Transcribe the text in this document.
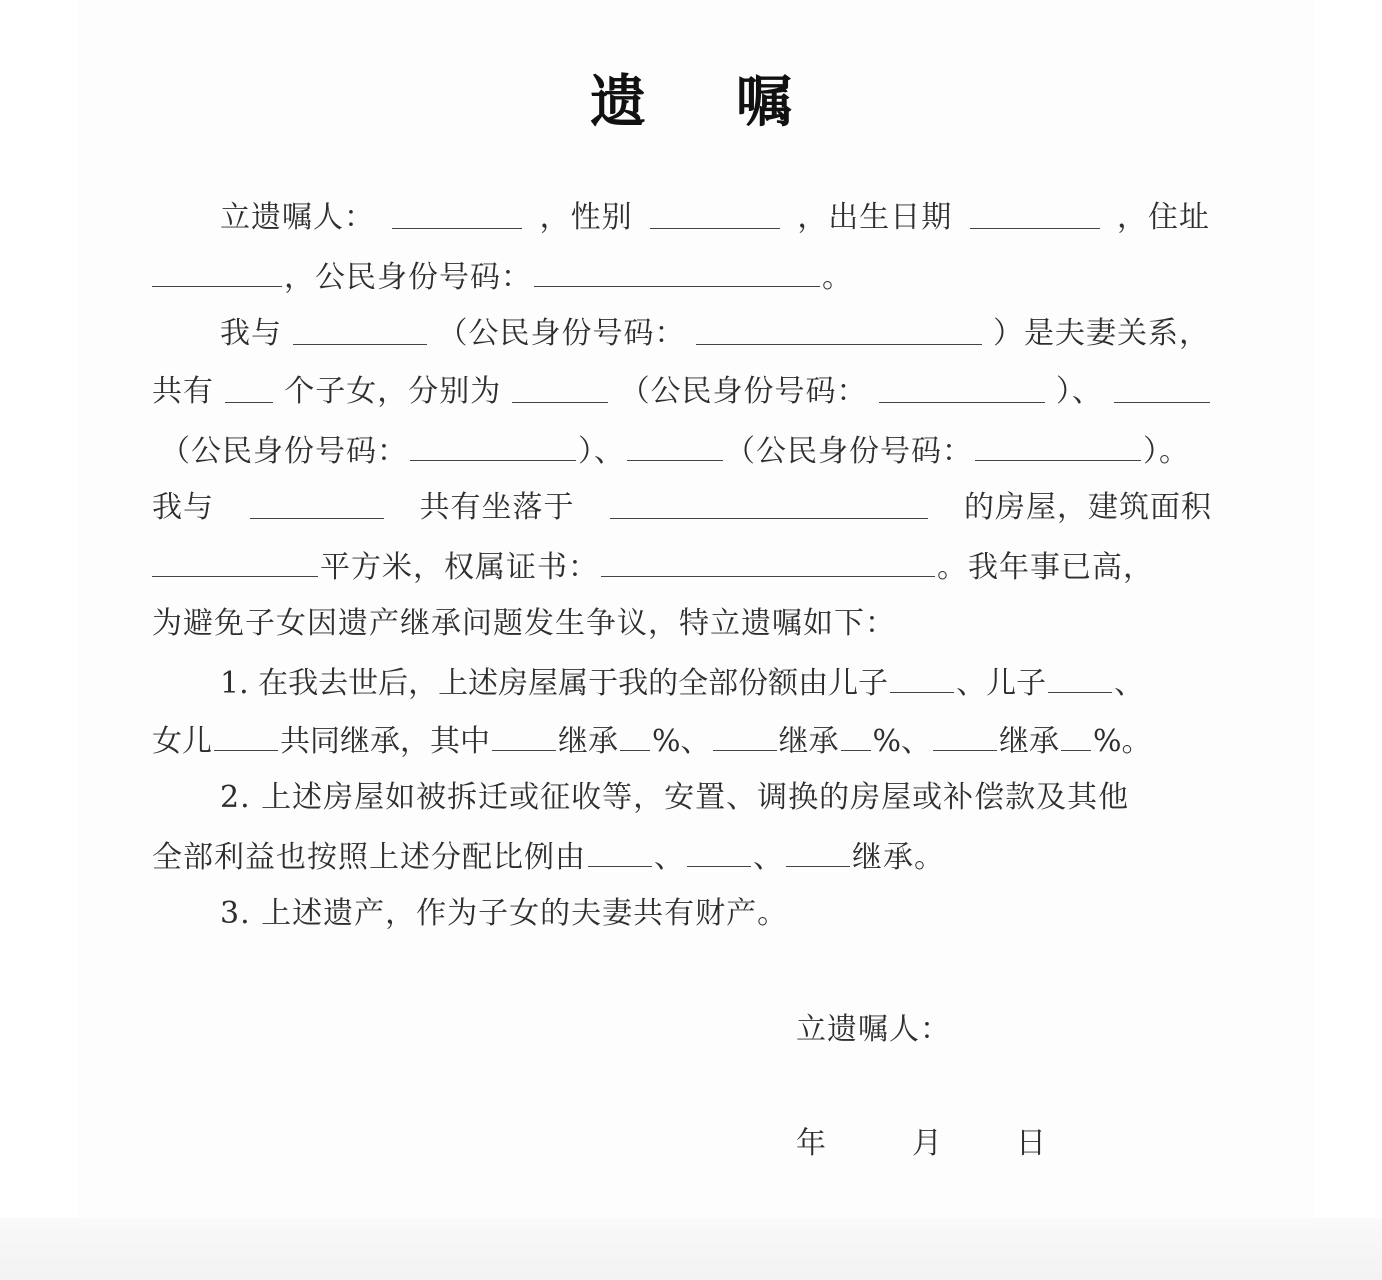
遗 嘱
立遗嘱人：	，性别	，出生日期	，住址
，公民身份号码：	。
我与	（公民身份号码：	）是夫妻关系，
共有 个子女，分别为	（公民身份号码：	）、
（公民身份号码：	）、	（公民身份号码：	）。
我与	共有坐落于	的房屋，建筑面积
平方米，权属证书：	。我年事已高，
为避免子女因遗产继承问题发生争议，特立遗嘱如下：
1. 在我去世后，上述房屋属于我的全部份额由儿子 、儿子 、
女儿 共同继承，其中 继承 %、 继承 %、 继承 %。
2. 上述房屋如被拆迁或征收等，安置、调换的房屋或补偿款及其他
全部利益也按照上述分配比例由 、 、 继承。
3. 上述遗产，作为子女的夫妻共有财产。
立遗嘱人：
年	月 日
